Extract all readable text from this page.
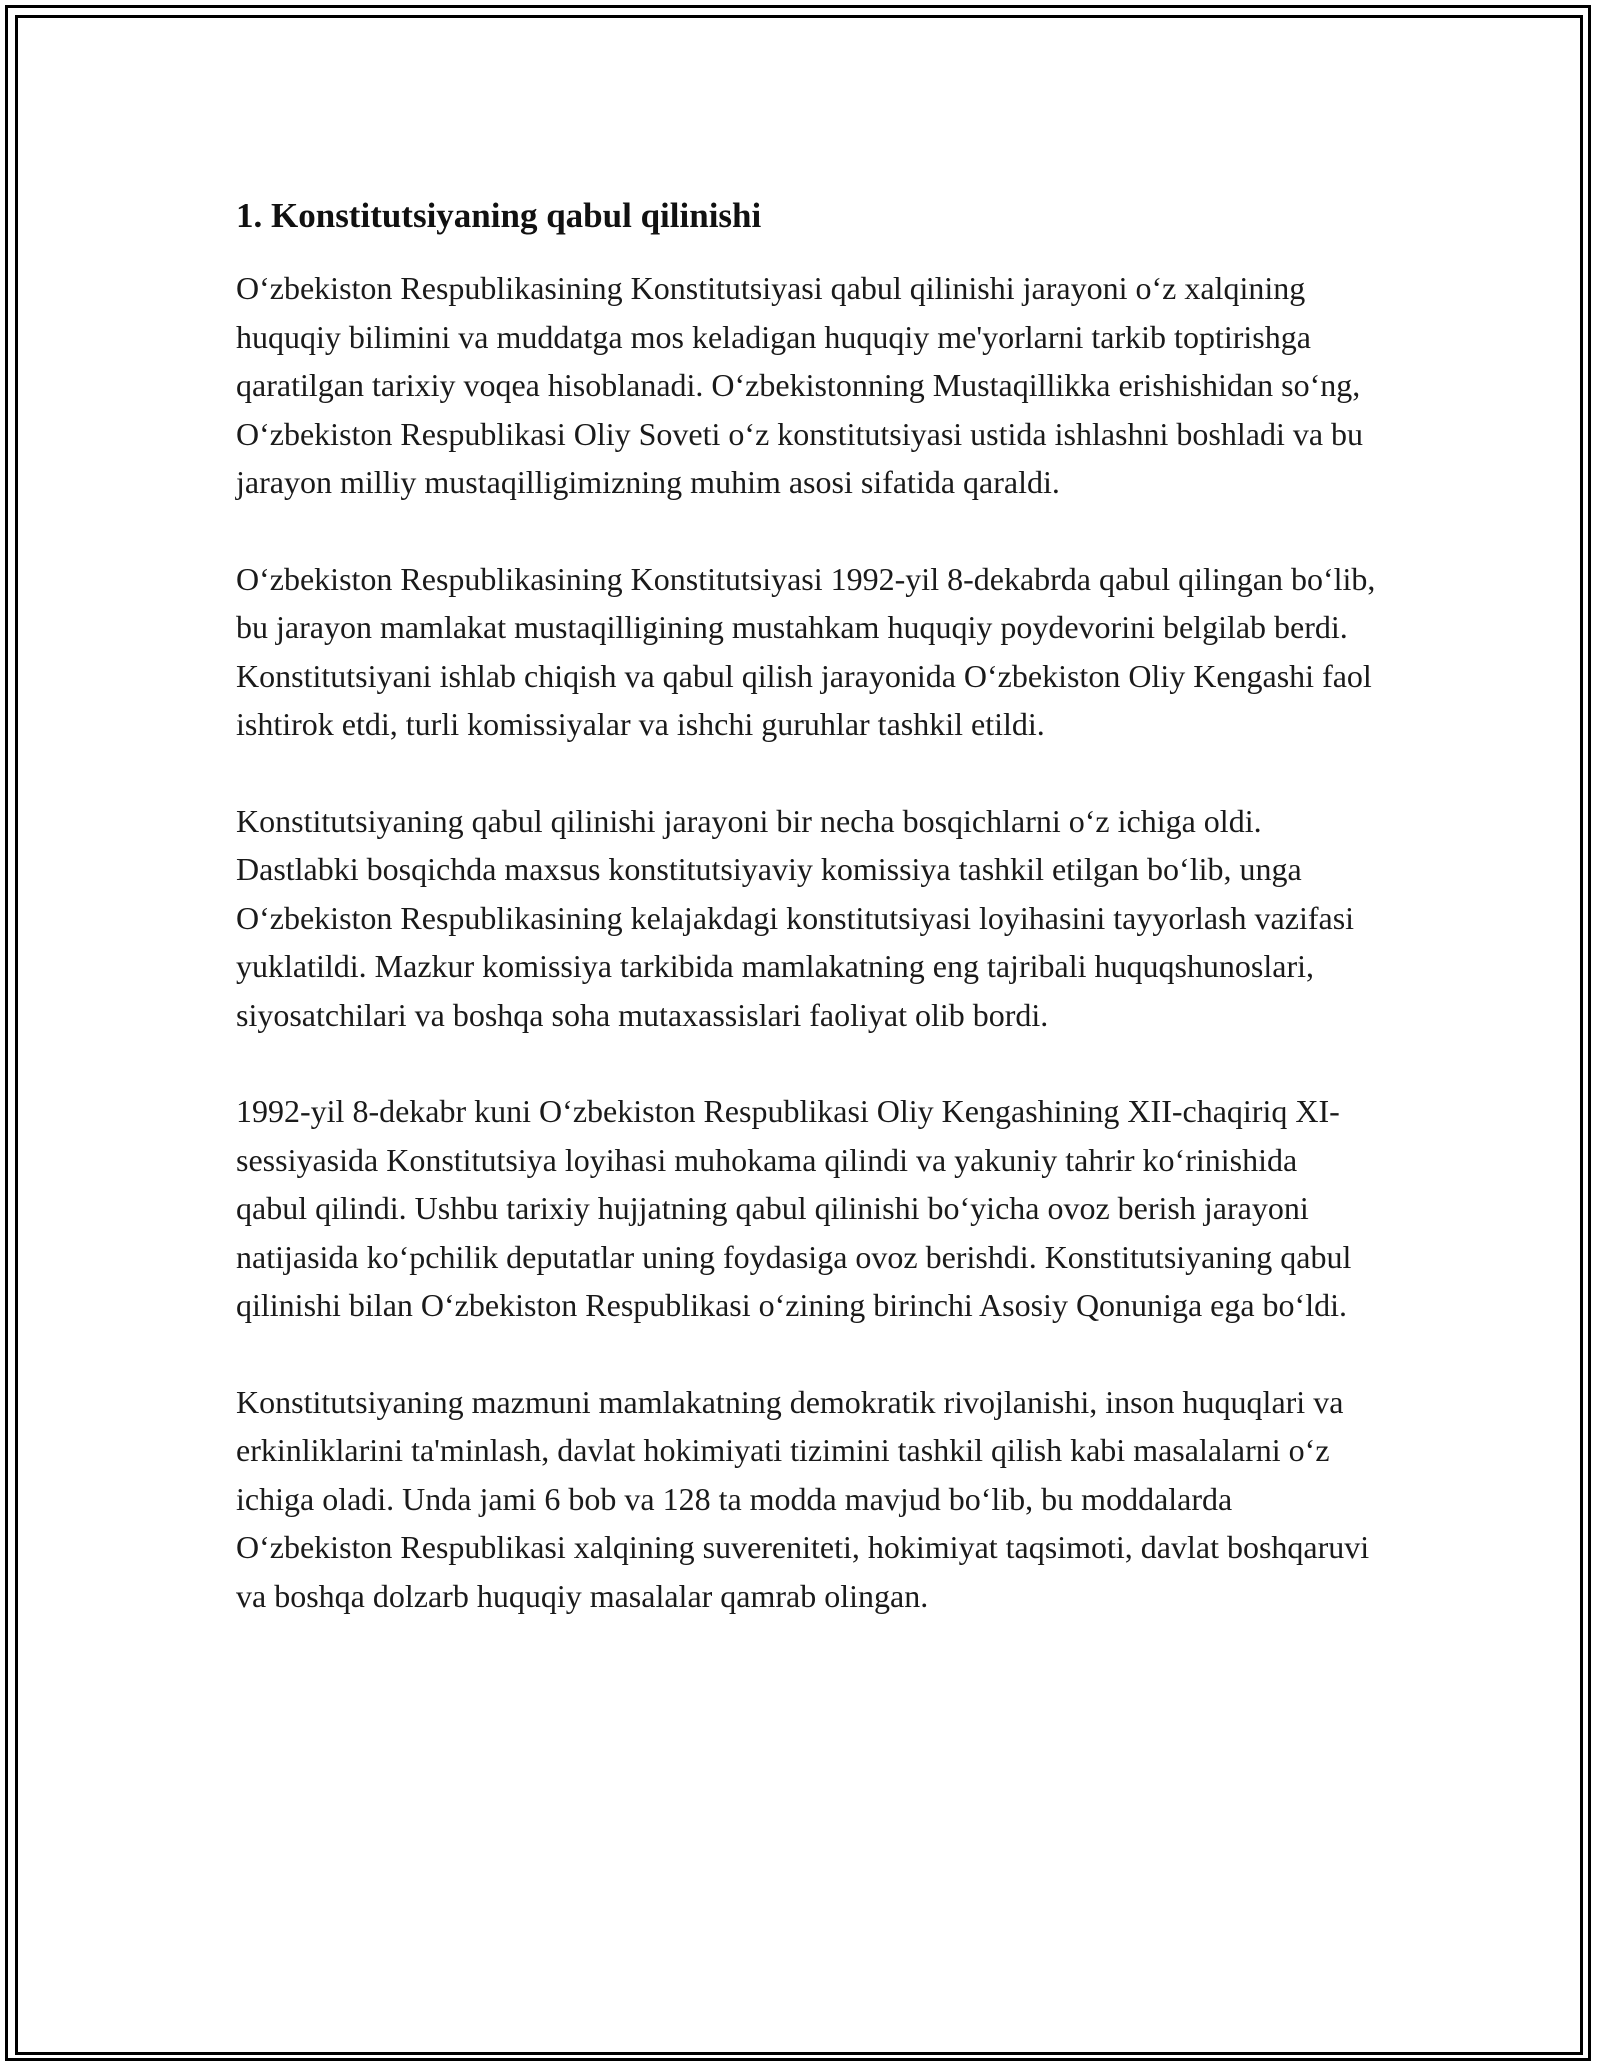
1. Konstitutsiyaning qabul qilinishi

O‘zbekiston Respublikasining Konstitutsiyasi qabul qilinishi jarayoni o‘z xalqining huquqiy bilimini va muddatga mos keladigan huquqiy me'yorlarni tarkib toptirishga qaratilgan tarixiy voqea hisoblanadi. O‘zbekistonning Mustaqillikka erishishidan so‘ng, O‘zbekiston Respublikasi Oliy Soveti o‘z konstitutsiyasi ustida ishlashni boshladi va bu jarayon milliy mustaqilligimizning muhim asosi sifatida qaraldi.

O‘zbekiston Respublikasining Konstitutsiyasi 1992-yil 8-dekabrda qabul qilingan bo‘lib, bu jarayon mamlakat mustaqilligining mustahkam huquqiy poydevorini belgilab berdi. Konstitutsiyani ishlab chiqish va qabul qilish jarayonida O‘zbekiston Oliy Kengashi faol ishtirok etdi, turli komissiyalar va ishchi guruhlar tashkil etildi.

Konstitutsiyaning qabul qilinishi jarayoni bir necha bosqichlarni o‘z ichiga oldi. Dastlabki bosqichda maxsus konstitutsiyaviy komissiya tashkil etilgan bo‘lib, unga O‘zbekiston Respublikasining kelajakdagi konstitutsiyasi loyihasini tayyorlash vazifasi yuklatildi. Mazkur komissiya tarkibida mamlakatning eng tajribali huquqshunoslari, siyosatchilari va boshqa soha mutaxassislari faoliyat olib bordi.

1992-yil 8-dekabr kuni O‘zbekiston Respublikasi Oliy Kengashining XII-chaqiriq XI-sessiyasida Konstitutsiya loyihasi muhokama qilindi va yakuniy tahrir ko‘rinishida qabul qilindi. Ushbu tarixiy hujjatning qabul qilinishi bo‘yicha ovoz berish jarayoni natijasida ko‘pchilik deputatlar uning foydasiga ovoz berishdi. Konstitutsiyaning qabul qilinishi bilan O‘zbekiston Respublikasi o‘zining birinchi Asosiy Qonuniga ega bo‘ldi.

Konstitutsiyaning mazmuni mamlakatning demokratik rivojlanishi, inson huquqlari va erkinliklarini ta'minlash, davlat hokimiyati tizimini tashkil qilish kabi masalalarni o‘z ichiga oladi. Unda jami 6 bob va 128 ta modda mavjud bo‘lib, bu moddalarda O‘zbekiston Respublikasi xalqining suvereniteti, hokimiyat taqsimoti, davlat boshqaruvi va boshqa dolzarb huquqiy masalalar qamrab olingan.
